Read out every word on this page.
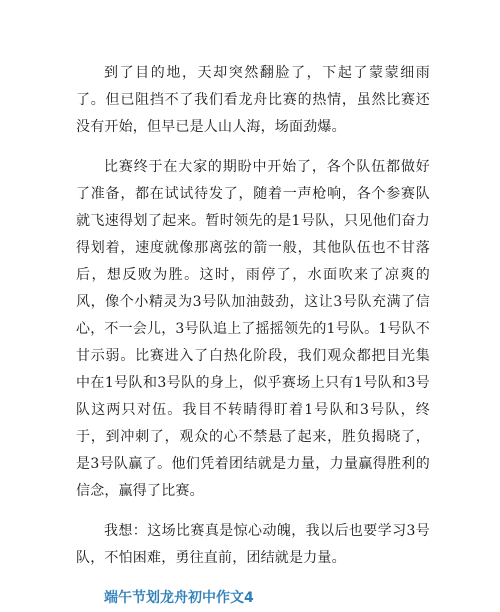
到了目的地，天却突然翻脸了，下起了蒙蒙细雨了。但已阻挡不了我们看龙舟比赛的热情，虽然比赛还没有开始，但早已是人山人海，场面劲爆。

比赛终于在大家的期盼中开始了，各个队伍都做好了准备，都在试试待发了，随着一声枪响，各个参赛队就飞速得划了起来。暂时领先的是1号队，只见他们奋力得划着，速度就像那离弦的箭一般，其他队伍也不甘落后，想反败为胜。这时，雨停了，水面吹来了凉爽的风，像个小精灵为3号队加油鼓劲，这让3号队充满了信心，不一会儿，3号队追上了摇摇领先的1号队。1号队不甘示弱。比赛进入了白热化阶段，我们观众都把目光集中在1号队和3号队的身上，似乎赛场上只有1号队和3号队这两只对伍。我目不转睛得盯着1号队和3号队，终于，到冲刺了，观众的心不禁悬了起来，胜负揭晓了，是3号队赢了。他们凭着团结就是力量，力量赢得胜利的信念，赢得了比赛。

我想：这场比赛真是惊心动魄，我以后也要学习3号队，不怕困难，勇往直前，团结就是力量。

端午节划龙舟初中作文4
